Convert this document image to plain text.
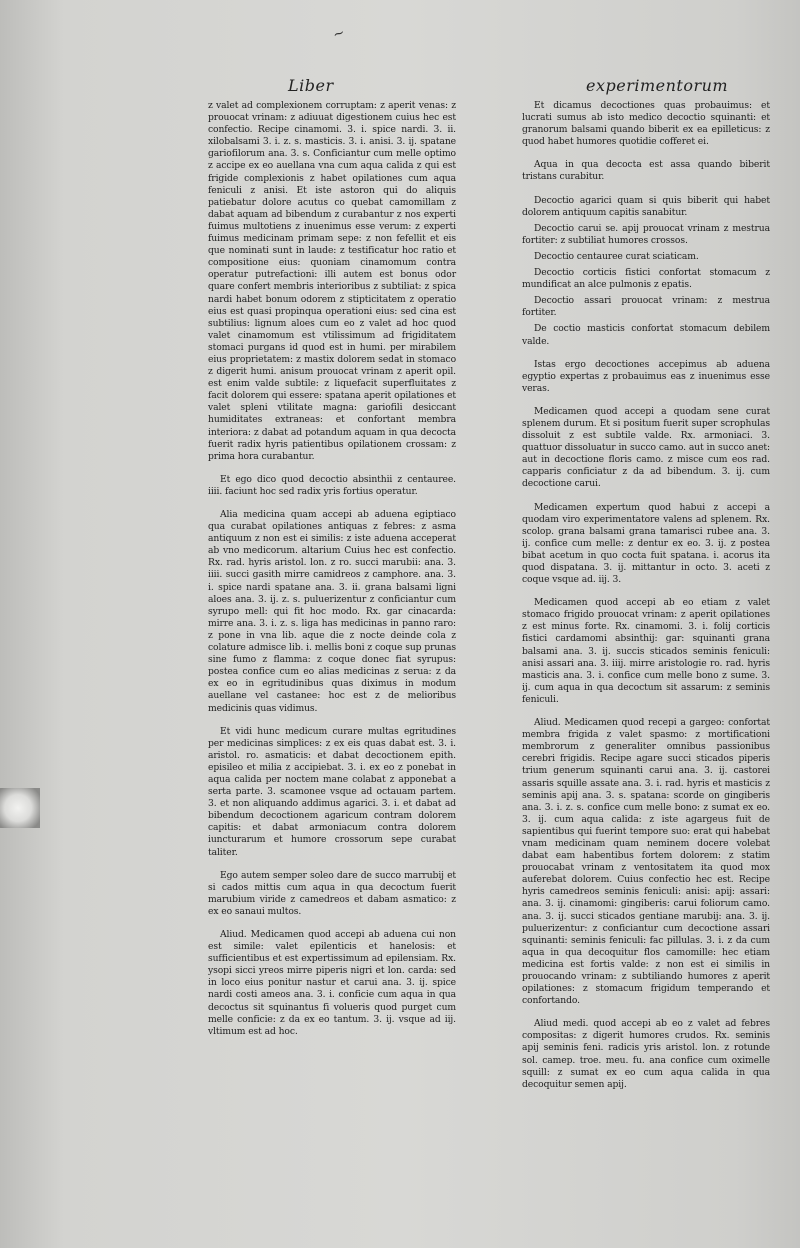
~
Liber	experimentorum

z valet ad complexionem corruptam: z aperit venas: z prouocat vrinam: z adiuuat digestionem cuius hec est confectio. Recipe cinamomi. 3. i. spice nardi. 3. ii. xilobalsami 3. i. z. s. masticis. 3. i. anisi. 3. ij. spatane gariofilorum ana. 3. s. Conficiantur cum melle optimo z accipe ex eo auellana vna cum aqua calida z qui est frigide complexionis z habet opilationes cum aqua feniculi z anisi. Et iste astoron qui do aliquis patiebatur dolore acutus co quebat camomillam z dabat aquam ad bibendum z curabantur z nos experti fuimus multotiens z inuenimus esse verum: z experti fuimus medicinam primam sepe: z non fefellit et eis que nominati sunt in laude: z testificatur hoc ratio et compositione eius: quoniam cinamomum contra operatur putrefactioni: illi autem est bonus odor quare confert membris interioribus z subtiliat: z spica nardi habet bonum odorem z stipticitatem z operatio eius est quasi propinqua operationi eius: sed cina est subtilius: lignum aloes cum eo z valet ad hoc quod valet cinamomum est vtilissimum ad frigiditatem stomaci purgans id quod est in humi. per mirabilem eius proprietatem: z mastix dolorem sedat in stomaco z digerit humi. anisum prouocat vrinam z aperit opil. est enim valde subtile: z liquefacit superfluitates z facit dolorem qui essere: spatana aperit opilationes et valet spleni vtilitate magna: gariofili desiccant humiditates extraneas: et confortant membra interiora: z dabat ad potandum aquam in qua decocta fuerit radix hyris patientibus opilationem crossam: z prima hora curabantur.

Et ego dico quod decoctio absinthii z centauree. iiii. faciunt hoc sed radix yris fortius operatur.

Alia medicina quam accepi ab aduena egiptiaco qua curabat opilationes antiquas z febres: z asma antiquum z non est ei similis: z iste aduena acceperat ab vno medicorum. altarium Cuius hec est confectio. Rx. rad. hyris aristol. lon. z ro. succi marubii: ana. 3. iiii. succi gasith mirre camidreos z camphore. ana. 3. i. spice nardi spatane ana. 3. ii. grana balsami ligni aloes ana. 3. ij. z. s. puluerizentur z conficiantur cum syrupo mell: qui fit hoc modo. Rx. gar cinacarda: mirre ana. 3. i. z. s. liga has medicinas in panno raro: z pone in vna lib. aque die z nocte deinde cola z colature admisce lib. i. mellis boni z coque sup prunas sine fumo z flamma: z coque donec fiat syrupus: postea confice cum eo alias medicinas z serua: z da ex eo in egritudinibus quas diximus in modum auellane vel castanee: hoc est z de melioribus medicinis quas vidimus.

Et vidi hunc medicum curare multas egritudines per medicinas simplices: z ex eis quas dabat est. 3. i. aristol. ro. asmaticis: et dabat decoctionem epith. episileo et milia z accipiebat. 3. i. ex eo z ponebat in aqua calida per noctem mane colabat z apponebat a serta parte. 3. scamonee vsque ad octauam partem. 3. et non aliquando addimus agarici. 3. i. et dabat ad bibendum decoctionem agaricum contram dolorem capitis: et dabat armoniacum contra dolorem iuncturarum et humore crossorum sepe curabat taliter.

Ego autem semper soleo dare de succo marrubij et si cados mittis cum aqua in qua decoctum fuerit marubium viride z camedreos et dabam asmatico: z ex eo sanaui multos.

Aliud. Medicamen quod accepi ab aduena cui non est simile: valet epilenticis et hanelosis: et sufficientibus et est expertissimum ad epilensiam. Rx. ysopi sicci yreos mirre piperis nigri et lon. carda: sed in loco eius ponitur nastur et carui ana. 3. ij. spice nardi costi ameos ana. 3. i. conficie cum aqua in qua decoctus sit squinantus fi volueris quod purget cum melle conficie: z da ex eo tantum. 3. ij. vsque ad iij. vltimum est ad hoc.

Et dicamus decoctiones quas probauimus: et lucrati sumus ab isto medico decoctio squinanti: et granorum balsami quando biberit ex ea epilleticus: z quod habet humores quotidie cofferet ei.

Aqua in qua decocta est assa quando biberit tristans curabitur.

Decoctio agarici quam si quis biberit qui habet dolorem antiquum capitis sanabitur.

Decoctio carui se. apij prouocat vrinam z mestrua fortiter: z subtiliat humores crossos.

Decoctio centauree curat sciaticam.

Decoctio corticis fistici confortat stomacum z mundificat an alce pulmonis z epatis.

Decoctio assari prouocat vrinam: z mestrua fortiter.

De coctio masticis confortat stomacum debilem valde.

Istas ergo decoctiones accepimus ab aduena egyptio expertas z probauimus eas z inuenimus esse veras.

Medicamen quod accepi a quodam sene curat splenem durum. Et si positum fuerit super scrophulas dissoluit z est subtile valde. Rx. armoniaci. 3. quattuor dissoluatur in succo camo. aut in succo anet: aut in decoctione floris camo. z misce cum eos rad. capparis conficiatur z da ad bibendum. 3. ij. cum decoctione carui.

Medicamen expertum quod habui z accepi a quodam viro experimentatore valens ad splenem. Rx. scolop. grana balsami grana tamarisci rubee ana. 3. ij. confice cum melle: z dentur ex eo. 3. ij. z postea bibat acetum in quo cocta fuit spatana. i. acorus ita quod dispatana. 3. ij. mittantur in octo. 3. aceti z coque vsque ad. iij. 3.

Medicamen quod accepi ab eo etiam z valet stomaco frigido prouocat vrinam: z aperit opilationes z est minus forte. Rx. cinamomi. 3. i. folij corticis fistici cardamomi absinthij: gar: squinanti grana balsami ana. 3. ij. succis sticados seminis feniculi: anisi assari ana. 3. iiij. mirre aristologie ro. rad. hyris masticis ana. 3. i. confice cum melle bono z sume. 3. ij. cum aqua in qua decoctum sit assarum: z seminis feniculi.

Aliud. Medicamen quod recepi a gargeo: confortat membra frigida z valet spasmo: z mortificationi membrorum z generaliter omnibus passionibus cerebri frigidis. Recipe agare succi sticados piperis trium generum squinanti carui ana. 3. ij. castorei assaris squille assate ana. 3. i. rad. hyris et masticis z seminis apij ana. 3. s. spatana: scorde on gingiberis ana. 3. i. z. s. confice cum melle bono: z sumat ex eo. 3. ij. cum aqua calida: z iste agargeus fuit de sapientibus qui fuerint tempore suo: erat qui habebat vnam medicinam quam neminem docere volebat dabat eam habentibus fortem dolorem: z statim prouocabat vrinam z ventositatem ita quod mox auferebat dolorem. Cuius confectio hec est. Recipe hyris camedreos seminis feniculi: anisi: apij: assari: ana. 3. ij. cinamomi: gingiberis: carui foliorum camo. ana. 3. ij. succi sticados gentiane marubij: ana. 3. ij. puluerizentur: z conficiantur cum decoctione assari squinanti: seminis feniculi: fac pillulas. 3. i. z da cum aqua in qua decoquitur flos camomille: hec etiam medicina est fortis valde: z non est ei similis in prouocando vrinam: z subtiliando humores z aperit opilationes: z stomacum frigidum temperando et confortando.

Aliud medi. quod accepi ab eo z valet ad febres compositas: z digerit humores crudos. Rx. seminis apij seminis feni. radicis yris aristol. lon. z rotunde sol. camep. troe. meu. fu. ana confice cum oximelle squill: z sumat ex eo cum aqua calida in qua decoquitur semen apij.
